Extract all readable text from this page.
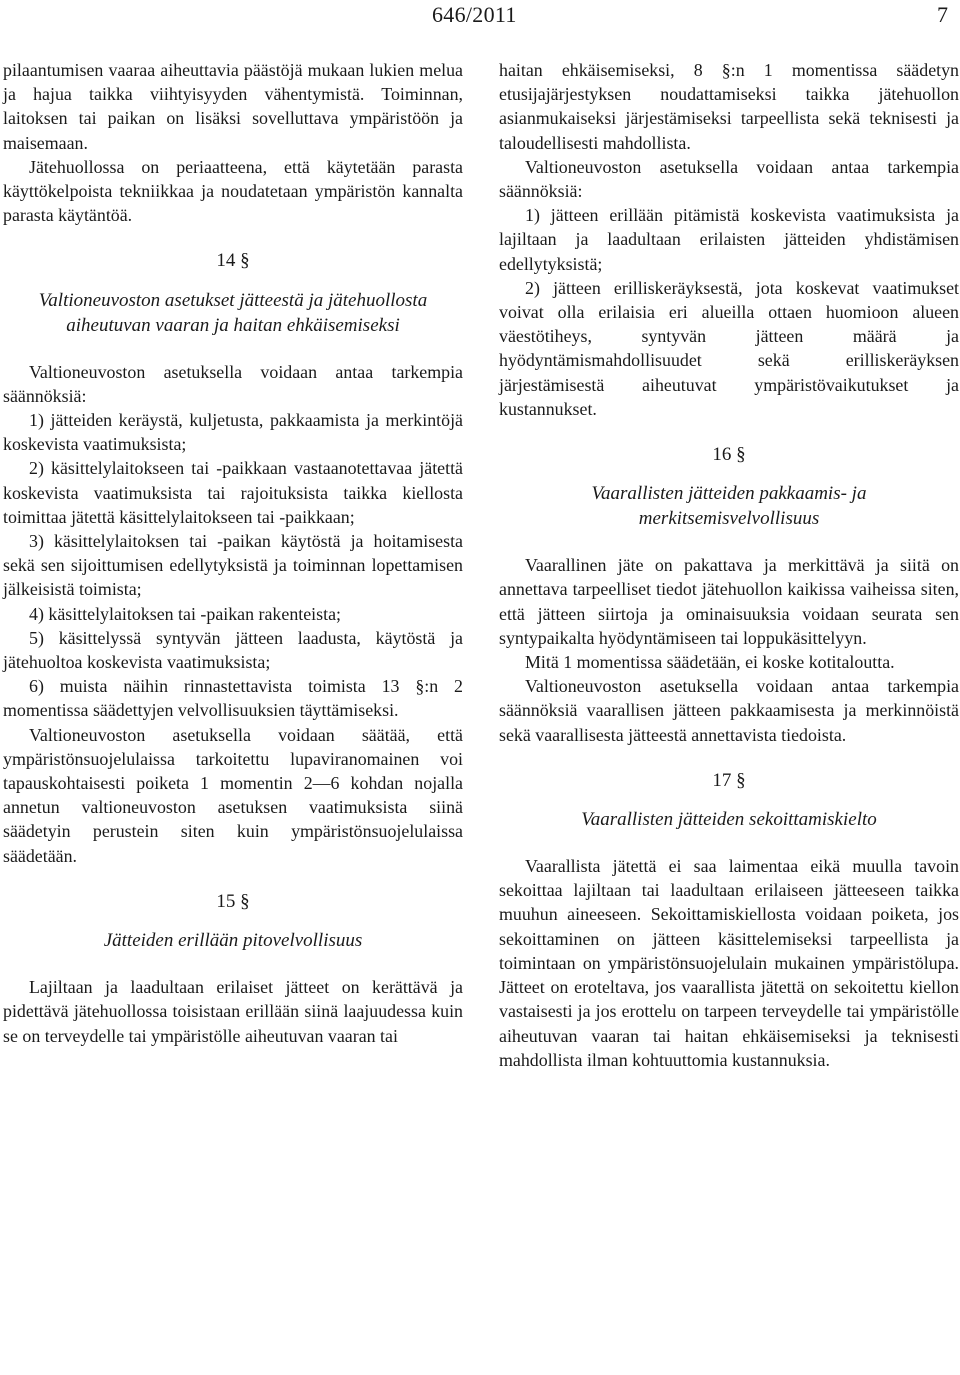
646/2011	7

pilaantumisen vaaraa aiheuttavia päästöjä mukaan lukien melua ja hajua taikka viihtyisyyden vähentymistä. Toiminnan, laitoksen tai paikan on lisäksi sovelluttava ympäristöön ja maisemaan.

Jätehuollossa on periaatteena, että käytetään parasta käyttökelpoista tekniikkaa ja noudatetaan ympäristön kannalta parasta käytäntöä.

14 §
Valtioneuvoston asetukset jätteestä ja jätehuollosta aiheutuvan vaaran ja haitan ehkäisemiseksi

Valtioneuvoston asetuksella voidaan antaa tarkempia säännöksiä:

1) jätteiden keräystä, kuljetusta, pakkaamista ja merkintöjä koskevista vaatimuksista;

2) käsittelylaitokseen tai -paikkaan vastaanotettavaa jätettä koskevista vaatimuksista tai rajoituksista taikka kiellosta toimittaa jätettä käsittelylaitokseen tai -paikkaan;

3) käsittelylaitoksen tai -paikan käytöstä ja hoitamisesta sekä sen sijoittumisen edellytyksistä ja toiminnan lopettamisen jälkeisistä toimista;

4) käsittelylaitoksen tai -paikan rakenteista;

5) käsittelyssä syntyvän jätteen laadusta, käytöstä ja jätehuoltoa koskevista vaatimuksista;

6) muista näihin rinnastettavista toimista 13 §:n 2 momentissa säädettyjen velvollisuuksien täyttämiseksi.

Valtioneuvoston asetuksella voidaan säätää, että ympäristönsuojelulaissa tarkoitettu lupaviranomainen voi tapauskohtaisesti poiketa 1 momentin 2—6 kohdan nojalla annetun valtioneuvoston asetuksen vaatimuksista siinä säädetyin perustein siten kuin ympäristönsuojelulaissa säädetään.

15 §
Jätteiden erillään pitovelvollisuus

Lajiltaan ja laadultaan erilaiset jätteet on kerättävä ja pidettävä jätehuollossa toisistaan erillään siinä laajuudessa kuin se on terveydelle tai ympäristölle aiheutuvan vaaran tai

haitan ehkäisemiseksi, 8 §:n 1 momentissa säädetyn etusijajärjestyksen noudattamiseksi taikka jätehuollon asianmukaiseksi järjestämiseksi tarpeellista sekä teknisesti ja taloudellisesti mahdollista.

Valtioneuvoston asetuksella voidaan antaa tarkempia säännöksiä:

1) jätteen erillään pitämistä koskevista vaatimuksista ja lajiltaan ja laadultaan erilaisten jätteiden yhdistämisen edellytyksistä;

2) jätteen erilliskeräyksestä, jota koskevat vaatimukset voivat olla erilaisia eri alueilla ottaen huomioon alueen väestötiheys, syntyvän jätteen määrä ja hyödyntämismahdollisuudet sekä erilliskeräyksen järjestämisestä aiheutuvat ympäristövaikutukset ja kustannukset.

16 §
Vaarallisten jätteiden pakkaamis- ja merkitsemisvelvollisuus

Vaarallinen jäte on pakattava ja merkittävä ja siitä on annettava tarpeelliset tiedot jätehuollon kaikissa vaiheissa siten, että jätteen siirtoja ja ominaisuuksia voidaan seurata sen syntypaikalta hyödyntämiseen tai loppukäsittelyyn.

Mitä 1 momentissa säädetään, ei koske kotitaloutta.

Valtioneuvoston asetuksella voidaan antaa tarkempia säännöksiä vaarallisen jätteen pakkaamisesta ja merkinnöistä sekä vaarallisesta jätteestä annettavista tiedoista.

17 §
Vaarallisten jätteiden sekoittamiskielto

Vaarallista jätettä ei saa laimentaa eikä muulla tavoin sekoittaa lajiltaan tai laadultaan erilaiseen jätteeseen taikka muuhun aineeseen. Sekoittamiskiellosta voidaan poiketa, jos sekoittaminen on jätteen käsittelemiseksi tarpeellista ja toimintaan on ympäristönsuojelulain mukainen ympäristölupa. Jätteet on eroteltava, jos vaarallista jätettä on sekoitettu kiellon vastaisesti ja jos erottelu on tarpeen terveydelle tai ympäristölle aiheutuvan vaaran tai haitan ehkäisemiseksi ja teknisesti mahdollista ilman kohtuuttomia kustannuksia.
